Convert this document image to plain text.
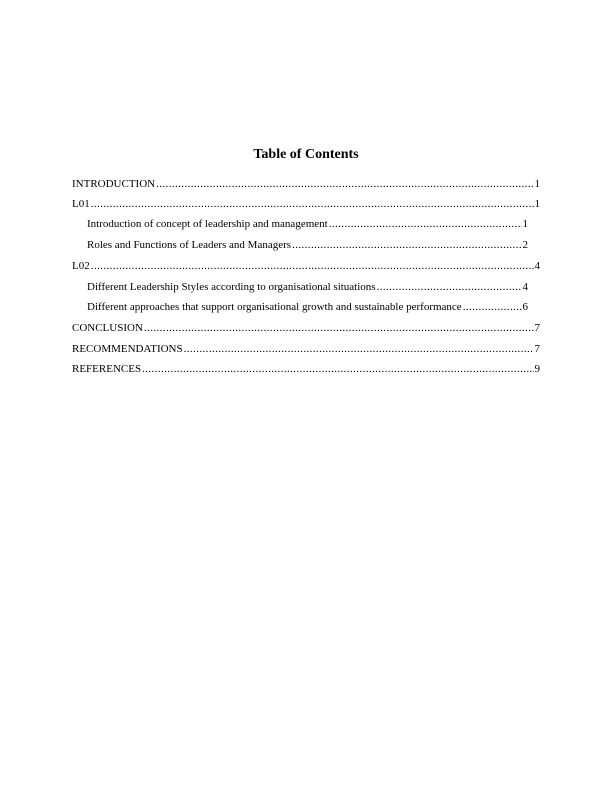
Table of Contents
INTRODUCTION .....	1
L01 .....	1
Introduction of concept of leadership and management .....	1
Roles and Functions of Leaders and Managers .....	2
L02 .....	4
Different Leadership Styles according to organisational situations .....	4
Different approaches that support organisational growth and sustainable performance .....	6
CONCLUSION .....	7
RECOMMENDATIONS .....	7
REFERENCES .....	9
